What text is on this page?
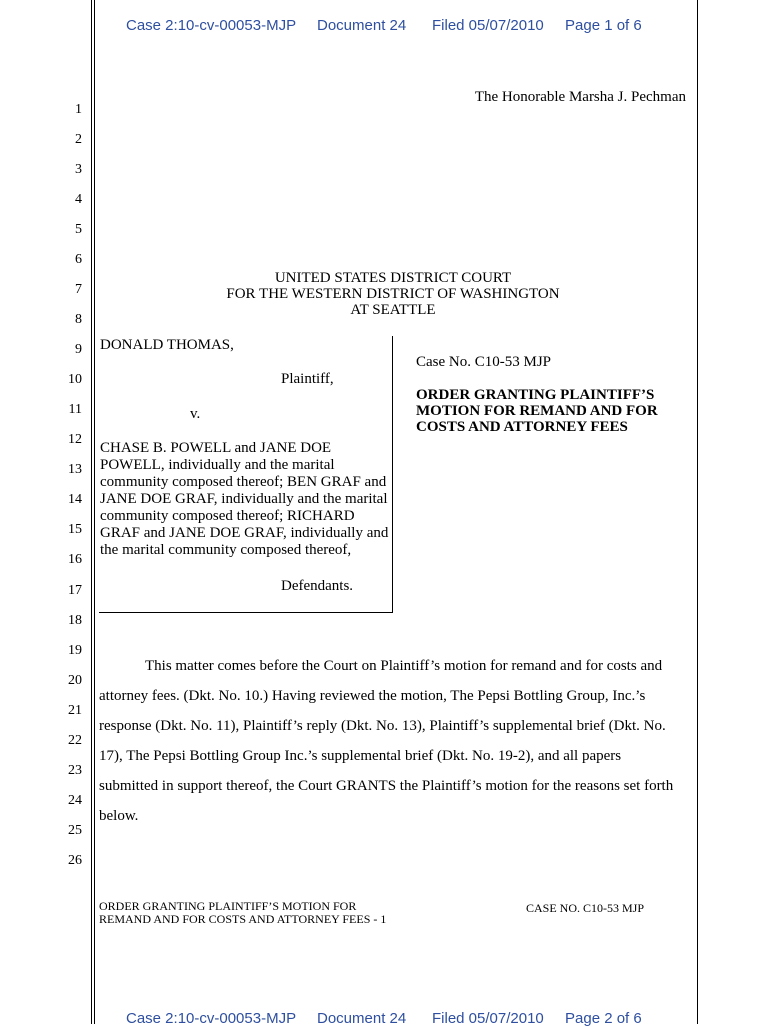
Case 2:10-cv-00053-MJP Document 24 Filed 05/07/2010 Page 1 of 6
The Honorable Marsha J. Pechman
1
2
3
4
5
6
7
8
9
10
11
12
13
14
15
16
17
18
19
20
21
22
23
24
25
26
UNITED STATES DISTRICT COURT
FOR THE WESTERN DISTRICT OF WASHINGTON
AT SEATTLE
DONALD THOMAS,
Plaintiff,
v.
CHASE B. POWELL and JANE DOE
POWELL, individually and the marital
community composed thereof; BEN GRAF and
JANE DOE GRAF, individually and the marital
community composed thereof; RICHARD
GRAF and JANE DOE GRAF, individually and
the marital community composed thereof,
Defendants.
Case No. C10-53 MJP
ORDER GRANTING PLAINTIFF’S
MOTION FOR REMAND AND FOR
COSTS AND ATTORNEY FEES
This matter comes before the Court on Plaintiff’s motion for remand and for costs and
attorney fees. (Dkt. No. 10.) Having reviewed the motion, The Pepsi Bottling Group, Inc.’s
response (Dkt. No. 11), Plaintiff’s reply (Dkt. No. 13), Plaintiff’s supplemental brief (Dkt. No.
17), The Pepsi Bottling Group Inc.’s supplemental brief (Dkt. No. 19-2), and all papers
submitted in support thereof, the Court GRANTS the Plaintiff’s motion for the reasons set forth
below.
ORDER GRANTING PLAINTIFF’S MOTION FOR
REMAND AND FOR COSTS AND ATTORNEY FEES - 1
CASE NO. C10-53 MJP
Case 2:10-cv-00053-MJP Document 24 Filed 05/07/2010 Page 2 of 6
